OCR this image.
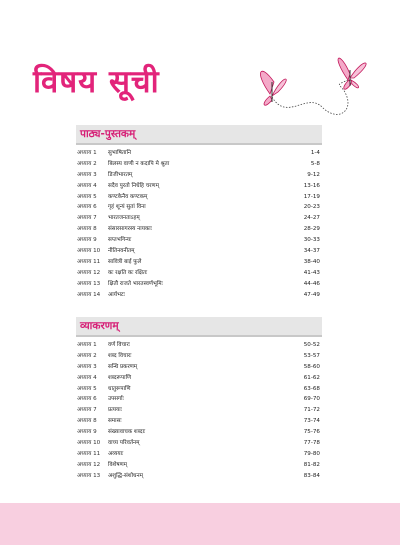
विषय सूची
पाठ्य-पुस्तकम्
अध्याय 1 सुभाषितानि	1-4
अध्याय 2 बिलस्य वाणी न कदापि मे श्रुता	5-8
अध्याय 3 डिजीभारतम्	9-12
अध्याय 4 सदैव पुरतो निधेहि चरणम्	13-16
अध्याय 5 कण्टकेनैव कण्टकम्	17-19
अध्याय 6 गृहं शून्यं सुतां विना	20-23
अध्याय 7 भारतजनताऽहम्	24-27
अध्याय 8 संसारसागरस्य नायकाः	28-29
अध्याय 9 सप्तभगिन्यः	30-33
अध्याय 10 नीतिनवनीतम्	34-37
अध्याय 11 सावित्री बाई फुले	38-40
अध्याय 12 कः रक्षति कः रक्षितः	41-43
अध्याय 13 क्षितौ राजते भारतस्वर्णभूमिः	44-46
अध्याय 14 आर्यभटः	47-49
व्याकरणम्
अध्याय 1 वर्ण विचारः	50-52
अध्याय 2 शब्द विचारः	53-57
अध्याय 3 सन्धि प्रकरणम्	58-60
अध्याय 4 शब्दरूपाणि	61-62
अध्याय 5 धातुरूपाणि	63-68
अध्याय 6 उपसर्गाः	69-70
अध्याय 7 प्रत्ययाः	71-72
अध्याय 8 समासः	73-74
अध्याय 9 संख्यावाचक शब्दाः	75-76
अध्याय 10 वाच्य परिवर्तनम्	77-78
अध्याय 11 अव्ययाः	79-80
अध्याय 12 विशेषणम्	81-82
अध्याय 13 अशुद्धि-संशोधनम्	83-84
